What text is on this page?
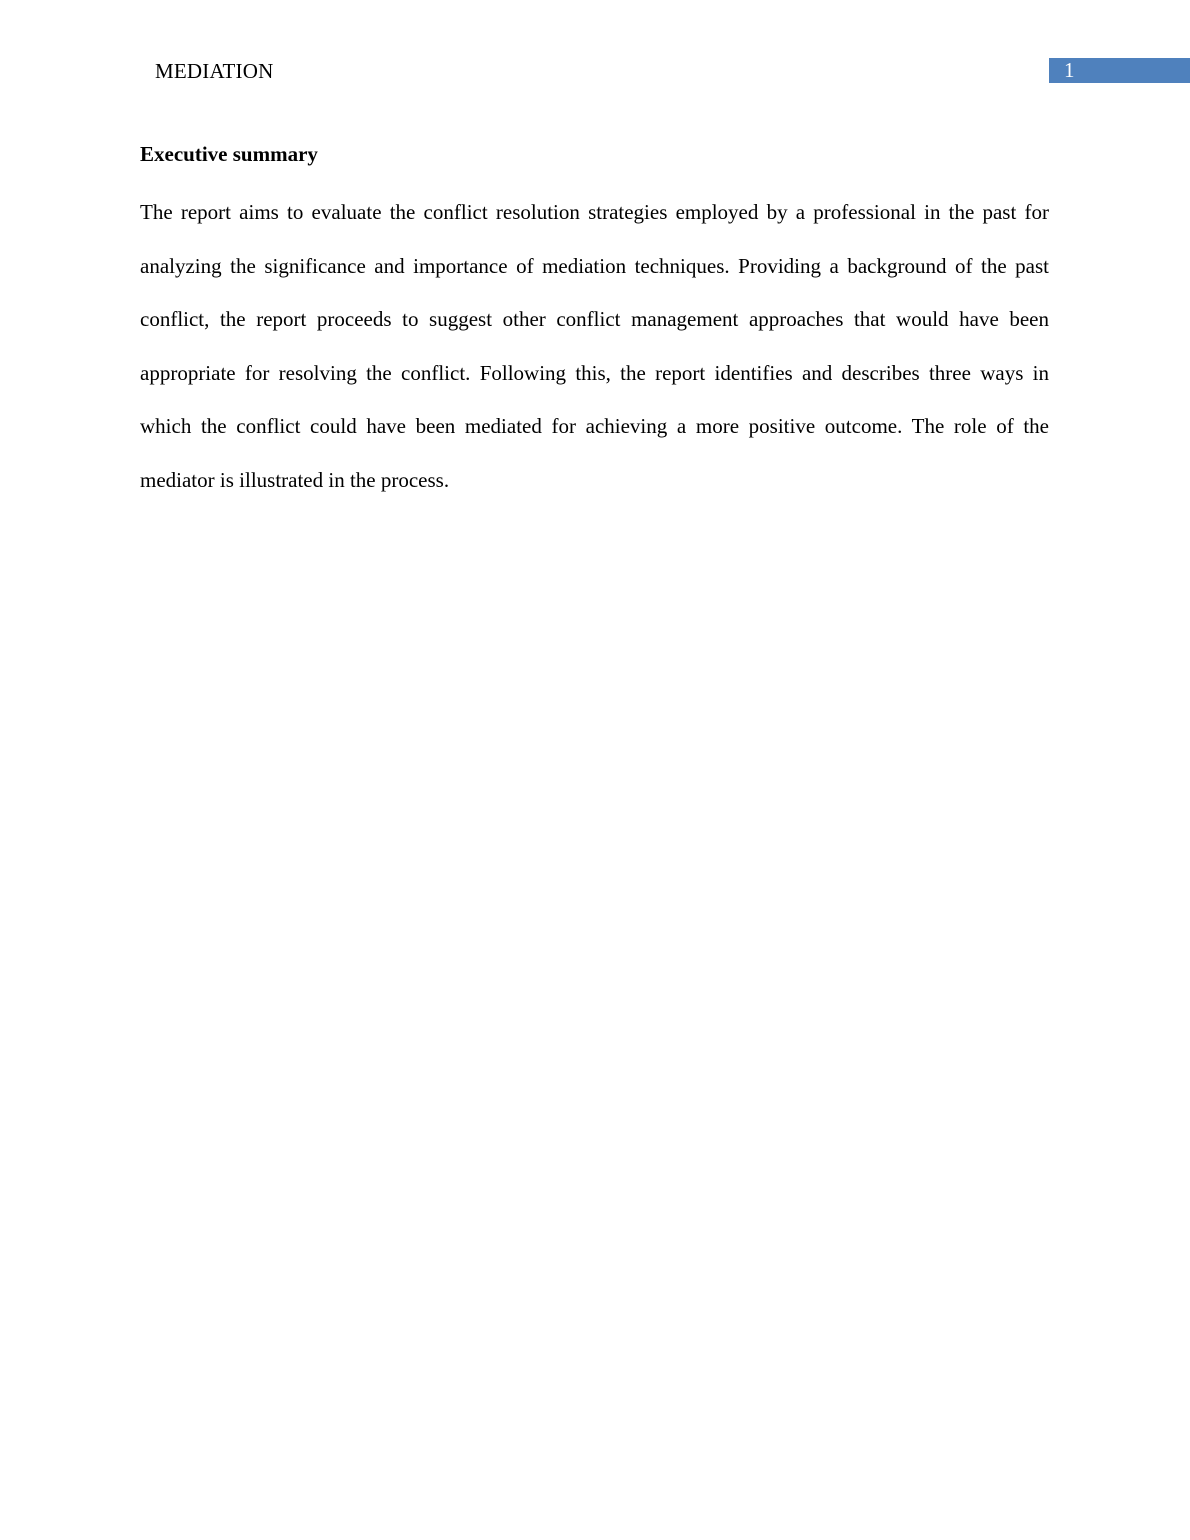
MEDIATION	1
Executive summary

The report aims to evaluate the conflict resolution strategies employed by a professional in the past for analyzing the significance and importance of mediation techniques. Providing a background of the past conflict, the report proceeds to suggest other conflict management approaches that would have been appropriate for resolving the conflict. Following this, the report identifies and describes three ways in which the conflict could have been mediated for achieving a more positive outcome. The role of the mediator is illustrated in the process.
